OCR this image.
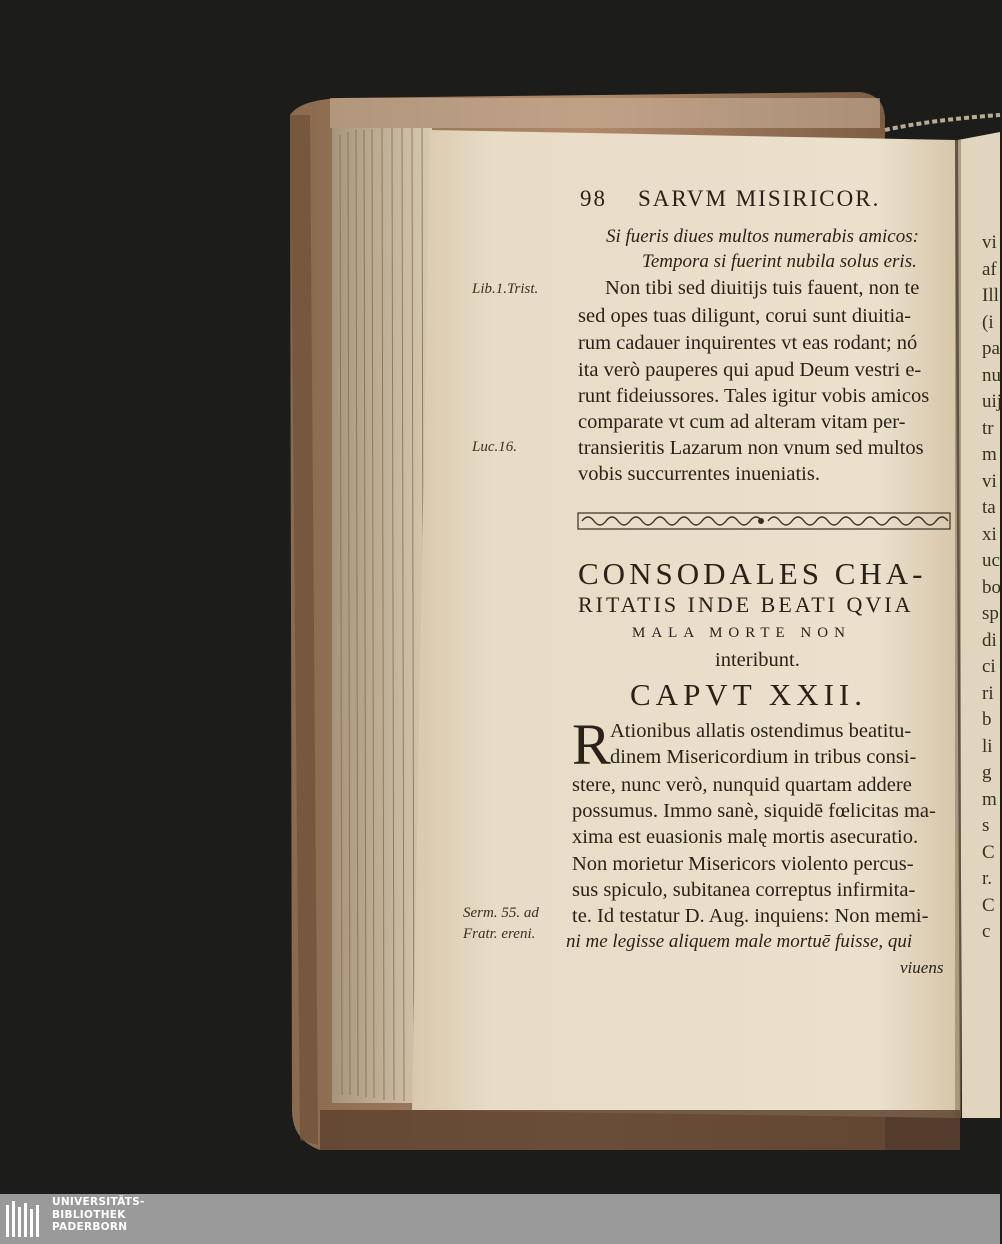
98 SARVM MISIRICOR.
Si fueris diues multos numerabis amicos:
Tempora si fuerint nubila solus eris.
Non tibi sed diuitijs tuis fauent, non te
sed opes tuas diligunt, corui sunt diuitia-
rum cadauer inquirentes vt eas rodant; nó
ita verò pauperes qui apud Deum vestri e-
runt fideiussores. Tales igitur vobis amicos
comparate vt cum ad alteram vitam per-
transieritis Lazarum non vnum sed multos
vobis succurrentes inueniatis.
Lib.1.Trist.
Luc.16.
Serm. 55. ad
Fratr. ereni.
CONSODALES CHA-
RITATIS INDE BEATI QVIA
MALA MORTE NON
interibunt.
CAPVT XXII.
R Ationibus allatis ostendimus beatitu-
dinem Misericordium in tribus consi-
stere, nunc verò, nunquid quartam addere
possumus. Immo sanè, siquidē fœlicitas ma-
xima est euasionis malę mortis asecuratio.
Non morietur Misericors violento percus-
sus spiculo, subitanea correptus infirmita-
te. Id testatur D. Aug. inquiens: Non memi-
ni me legisse aliquem male mortuē fuisse, qui
viuens
vi
af
Ill
(i
pa
nu
uij
tr
m
vi
ta
xi
uc
bo
sp
di
ci
ri
b
li
g
m
s
C
r.
C
c
UNIVERSITÄTS-
BIBLIOTHEK
PADERBORN
